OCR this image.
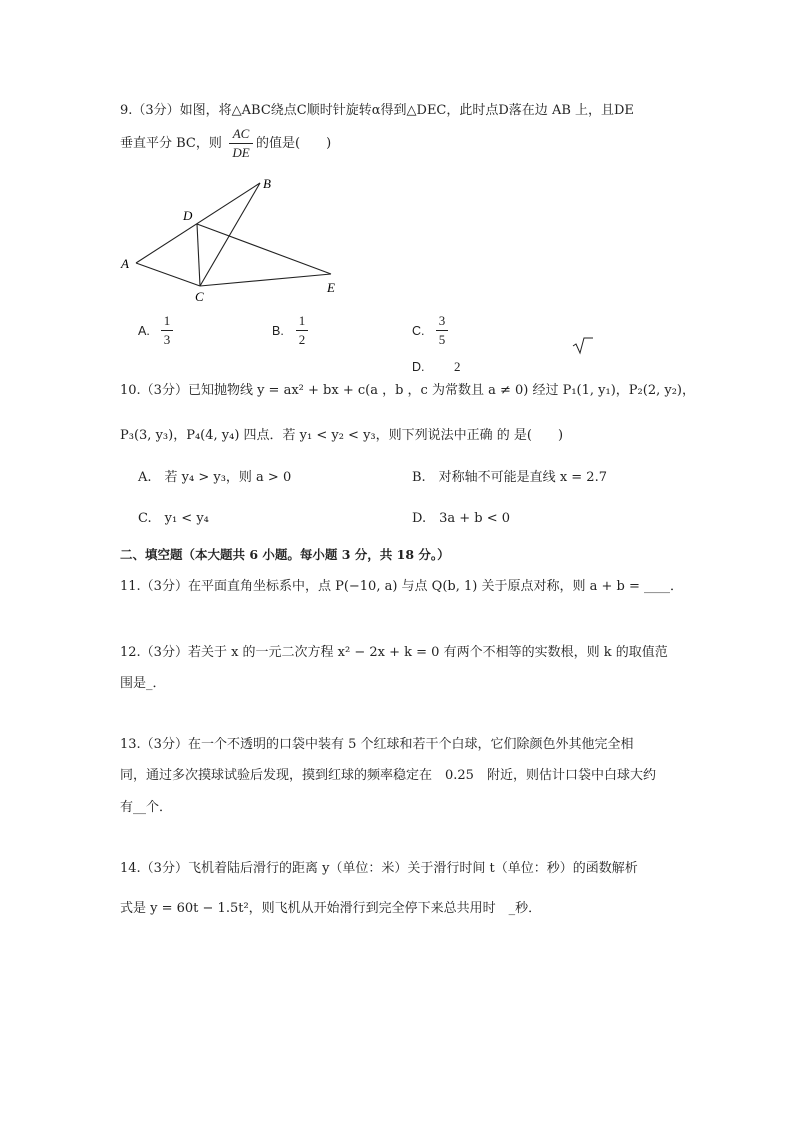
9.（3分）如图，将△ABC绕点C顺时针旋转α得到△DEC，此时点D落在边 AB 上，且DE
垂直平分 BC，则
AC
DE
的值是(　　)
A
B
C
D
E
A.
1
3
B.
1
2
C.
3
5
D. 2
10.（3分）已知抛物线 y = ax² + bx + c(a ，b ，c 为常数且 a ≠ 0) 经过 P₁(1, y₁)，P₂(2, y₂)，
P₃(3, y₃)，P₄(4, y₄) 四点．若 y₁ < y₂ < y₃，则下列说法中正确 的 是(　　)
A.　若 y₄ > y₃，则 a > 0	B.　对称轴不可能是直线 x = 2.7
C.　y₁ < y₄	D.　3a + b < 0
二、填空题（本大题共 6 小题。每小题 3 分，共 18 分。）
11.（3分）在平面直角坐标系中，点 P(−10, a) 与点 Q(b, 1) 关于原点对称，则 a + b = ____．
12.（3分）若关于 x 的一元二次方程 x² − 2x + k = 0 有两个不相等的实数根，则 k 的取值范
围是_．
13.（3分）在一个不透明的口袋中装有 5 个红球和若干个白球，它们除颜色外其他完全相
同，通过多次摸球试验后发现，摸到红球的频率稳定在　0.25　附近，则估计口袋中白球大约
有__个．
14.（3分）飞机着陆后滑行的距离 y（单位：米）关于滑行时间 t（单位：秒）的函数解析
式是 y = 60t − 1.5t²，则飞机从开始滑行到完全停下来总共用时　_秒．
